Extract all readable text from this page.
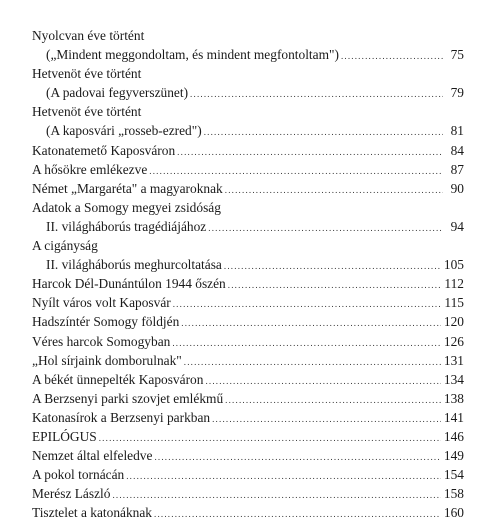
Nyolcvan éve történt
(„Mindent meggondoltam, és mindent megfontoltam") .....	75
Hetvenöt éve történt
(A padovai fegyverszünet) .....	79
Hetvenöt éve történt
(A kaposvári „rosseb-ezred") .....	81
Katonatemető Kaposváron .....	84
A hősökre emlékezve .....	87
Német „Margaréta" a magyaroknak .....	90
Adatok a Somogy megyei zsidóság
II. világháborús tragédiájához .....	94
A cigányság
II. világháborús meghurcoltatása .....	105
Harcok Dél-Dunántúlon 1944 őszén .....	112
Nyílt város volt Kaposvár .....	115
Hadszíntér Somogy földjén .....	120
Véres harcok Somogyban .....	126
„Hol sírjaink domborulnak" .....	131
A békét ünnepelték Kaposváron .....	134
A Berzsenyi parki szovjet emlékmű .....	138
Katonasírok a Berzsenyi parkban .....	141
EPILÓGUS .....	146
Nemzet által elfeledve .....	149
A pokol tornácán .....	154
Merész László .....	158
Tisztelet a katonáknak .....	160
